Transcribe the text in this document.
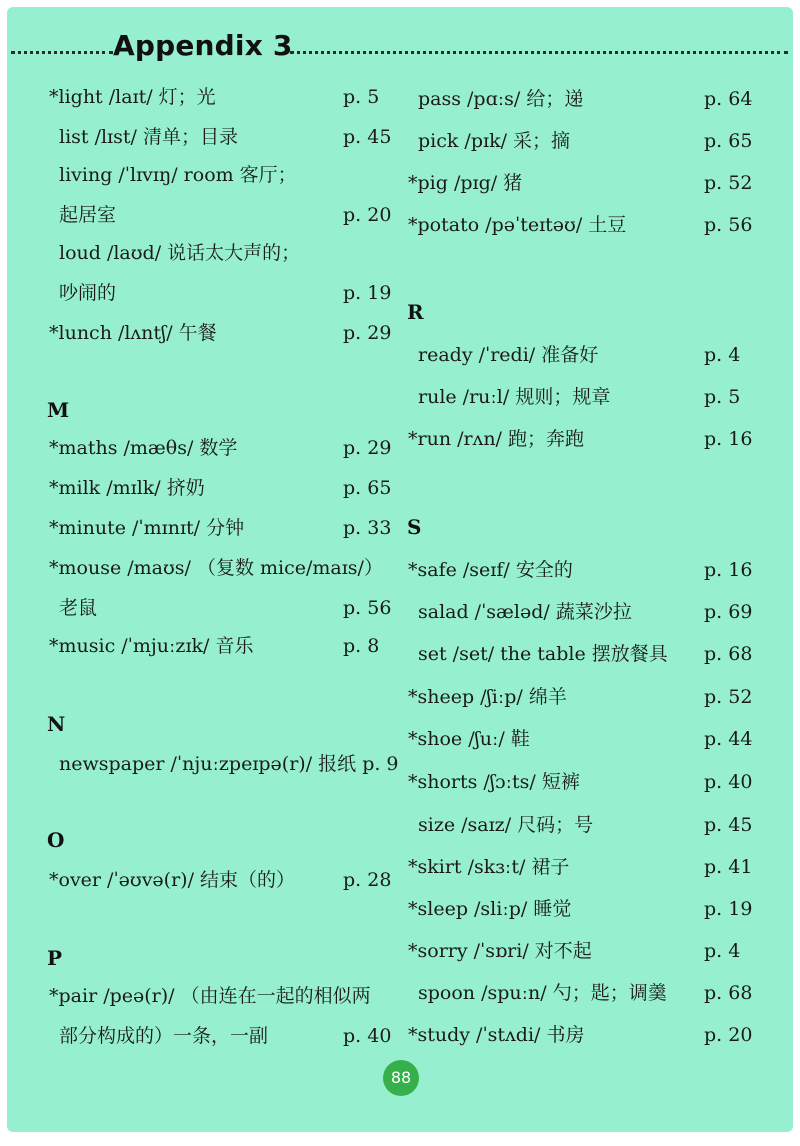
Appendix 3
*light /laɪt/ 灯；光	p. 5
list /lɪst/ 清单；目录	p. 45
living /ˈlɪvɪŋ/ room 客厅；
起居室	p. 20
loud /laʊd/ 说话太大声的；
吵闹的	p. 19
*lunch /lʌntʃ/ 午餐	p. 29
M
*maths /mæθs/ 数学	p. 29
*milk /mɪlk/ 挤奶	p. 65
*minute /ˈmɪnɪt/ 分钟	p. 33
*mouse /maʊs/ （复数 mice/maɪs/）
老鼠	p. 56
*music /ˈmjuːzɪk/ 音乐	p. 8
N
newspaper /ˈnjuːzpeɪpə(r)/ 报纸 p. 9
O
*over /ˈəʊvə(r)/ 结束（的）	p. 28
P
*pair /peə(r)/ （由连在一起的相似两
部分构成的）一条，一副	p. 40
pass /pɑːs/ 给；递	p. 64
pick /pɪk/ 采；摘	p. 65
*pig /pɪg/ 猪	p. 52
*potato /pəˈteɪtəʊ/ 土豆	p. 56
R
ready /ˈredi/ 准备好	p. 4
rule /ruːl/ 规则；规章	p. 5
*run /rʌn/ 跑；奔跑	p. 16
S
*safe /seɪf/ 安全的	p. 16
salad /ˈsæləd/ 蔬菜沙拉	p. 69
set /set/ the table 摆放餐具 p. 68
*sheep /ʃiːp/ 绵羊	p. 52
*shoe /ʃuː/ 鞋	p. 44
*shorts /ʃɔːts/ 短裤	p. 40
size /saɪz/ 尺码；号	p. 45
*skirt /skɜːt/ 裙子	p. 41
*sleep /sliːp/ 睡觉	p. 19
*sorry /ˈsɒri/ 对不起	p. 4
spoon /spuːn/ 勺；匙；调羹 p. 68
*study /ˈstʌdi/ 书房	p. 20
88
